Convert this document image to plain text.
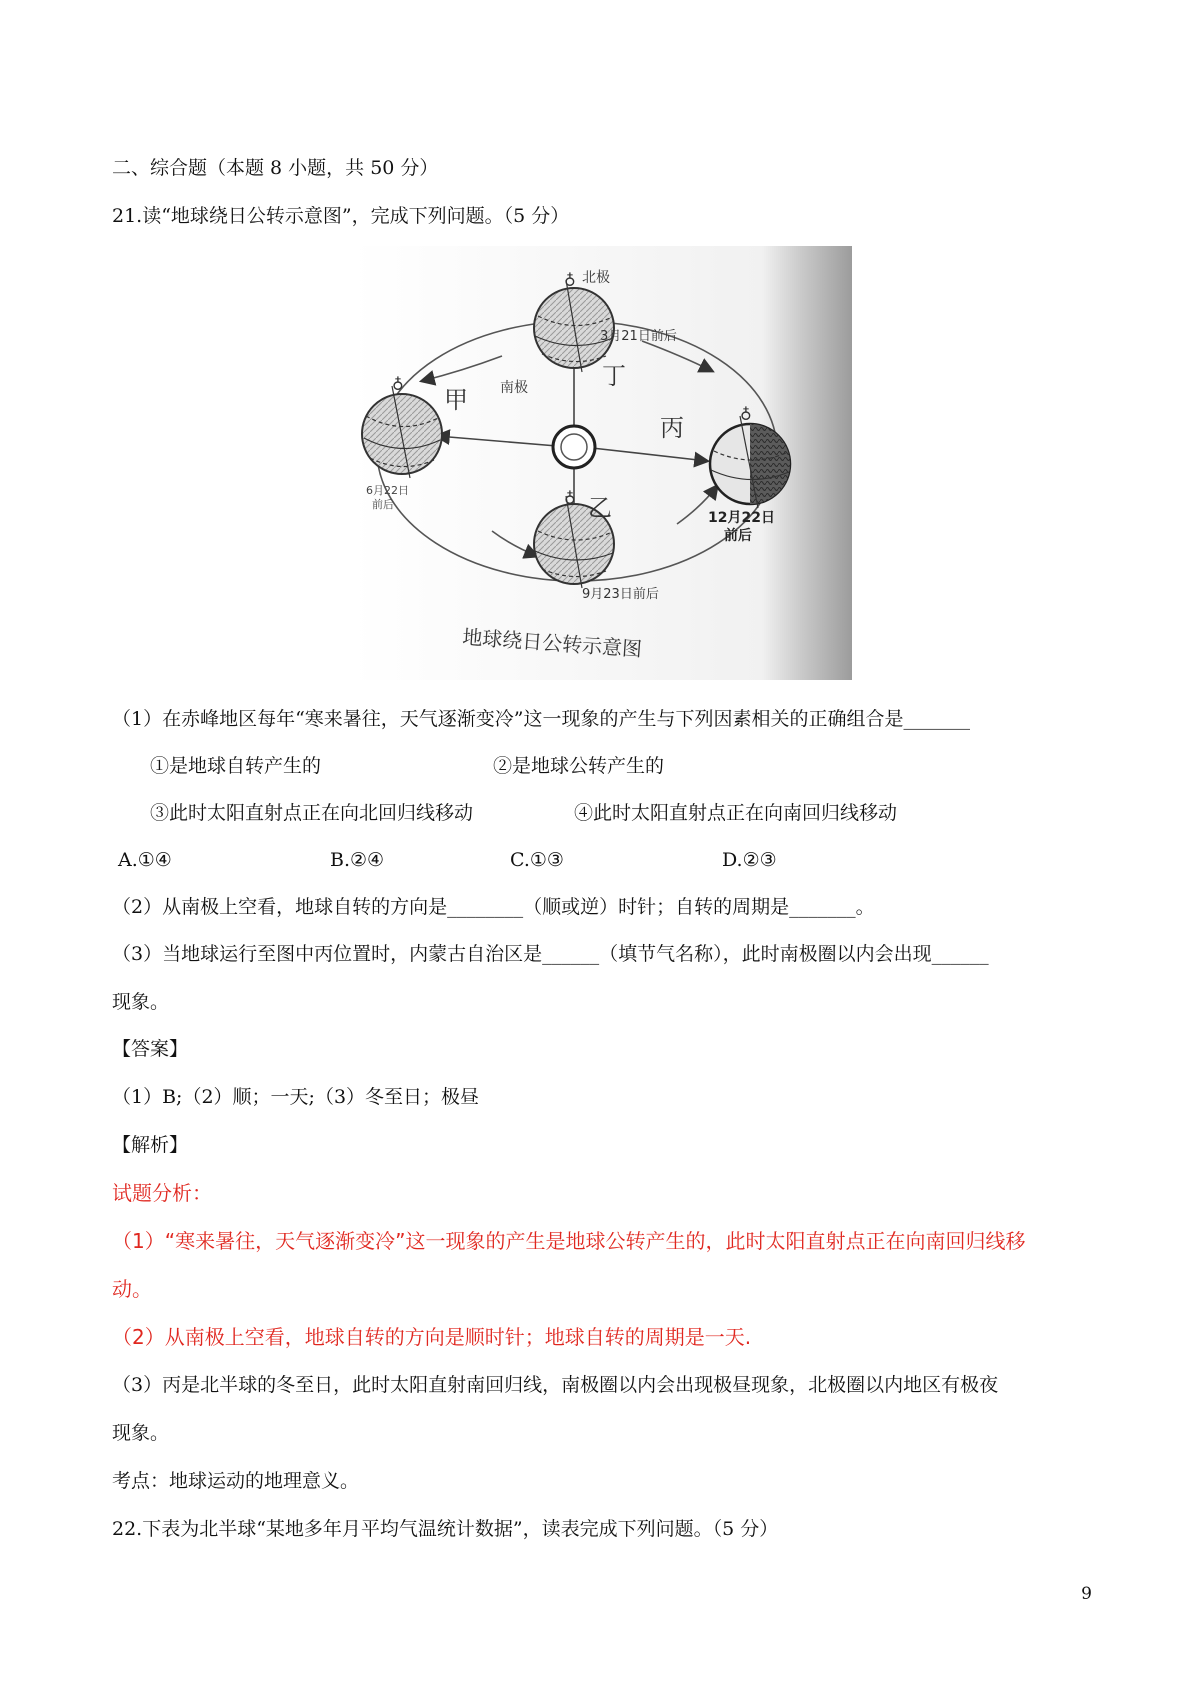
二、综合题（本题 8 小题，共 50 分）
21.读“地球绕日公转示意图”，完成下列问题。（5 分）
♁
♁
♁
♁
北极
3月21日前后
南极	丁
甲
丙
乙
6月22日
前后
12月22日
前后
9月23日前后
地球绕日公转示意图
（1）在赤峰地区每年“寒来暑往，天气逐渐变冷”这一现象的产生与下列因素相关的正确组合是_______
①是地球自转产生的	②是地球公转产生的
③此时太阳直射点正在向北回归线移动	④此时太阳直射点正在向南回归线移动
A.①④	B.②④	C.①③	D.②③
（2）从南极上空看，地球自转的方向是________（顺或逆）时针；自转的周期是_______。
（3）当地球运行至图中丙位置时，内蒙古自治区是______（填节气名称），此时南极圈以内会出现______
现象。
【答案】
（1）B;（2）顺；一天;（3）冬至日；极昼
【解析】
试题分析：
（1）“寒来暑往，天气逐渐变冷”这一现象的产生是地球公转产生的，此时太阳直射点正在向南回归线移
动。
（2）从南极上空看，地球自转的方向是顺时针；地球自转的周期是一天.
（3）丙是北半球的冬至日，此时太阳直射南回归线，南极圈以内会出现极昼现象，北极圈以内地区有极夜
现象。
考点：地球运动的地理意义。
22.下表为北半球“某地多年月平均气温统计数据”，读表完成下列问题。（5 分）
9
